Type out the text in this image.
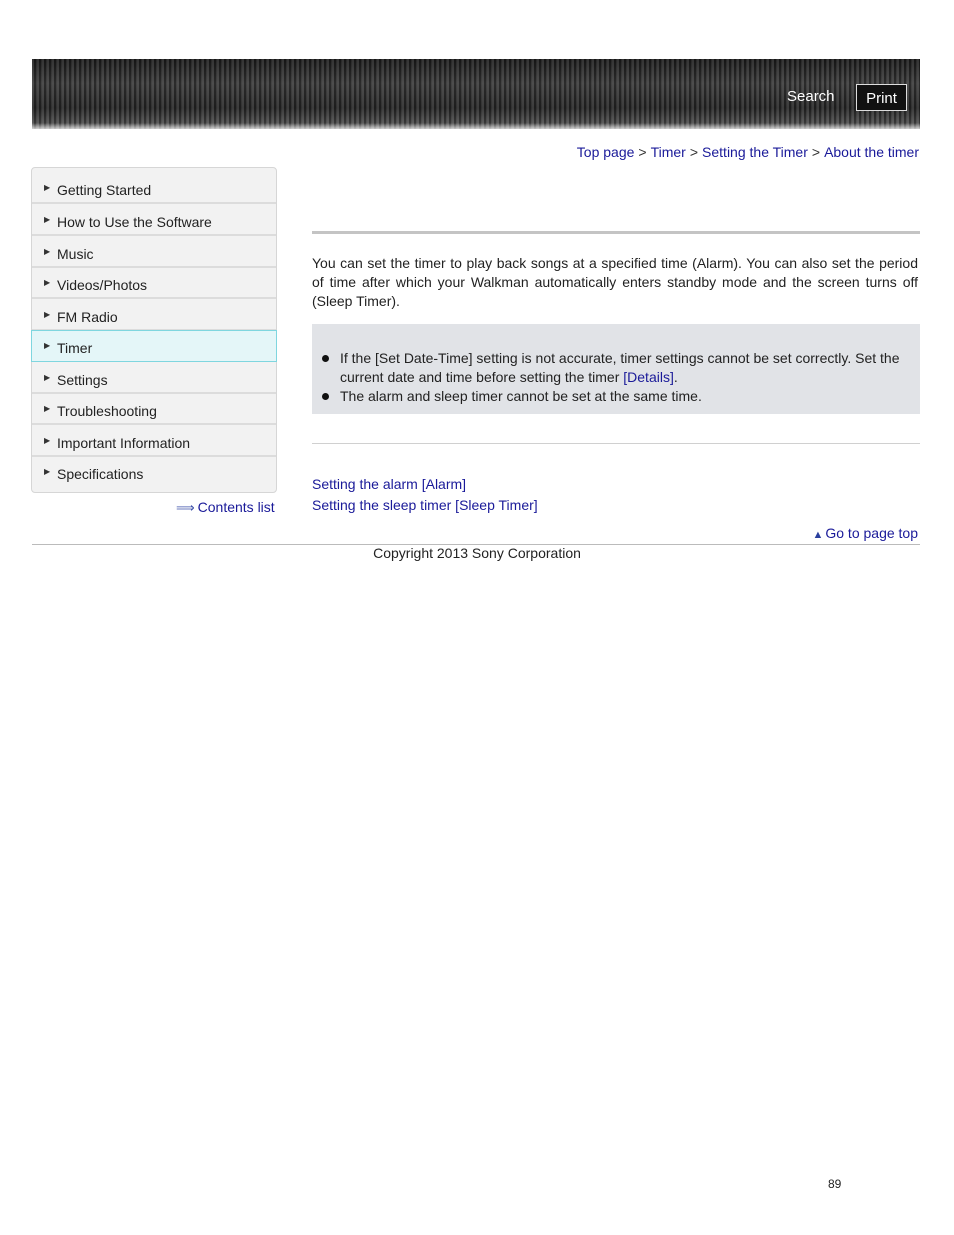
Search	Print
Top page > Timer > Setting the Timer > About the timer
▶ Getting Started
▶ How to Use the Software
▶ Music
▶ Videos/Photos
▶ FM Radio
▶ Timer
▶ Settings
▶ Troubleshooting
▶ Important Information
▶ Specifications
⟹ Contents list
You can set the timer to play back songs at a specified time (Alarm). You can also set the period of time after which your Walkman automatically enters standby mode and the screen turns off (Sleep Timer).
If the [Set Date-Time] setting is not accurate, timer settings cannot be set correctly. Set the current date and time before setting the timer [Details].
The alarm and sleep timer cannot be set at the same time.
Setting the alarm [Alarm]
Setting the sleep timer [Sleep Timer]
▲ Go to page top
Copyright 2013 Sony Corporation
89
